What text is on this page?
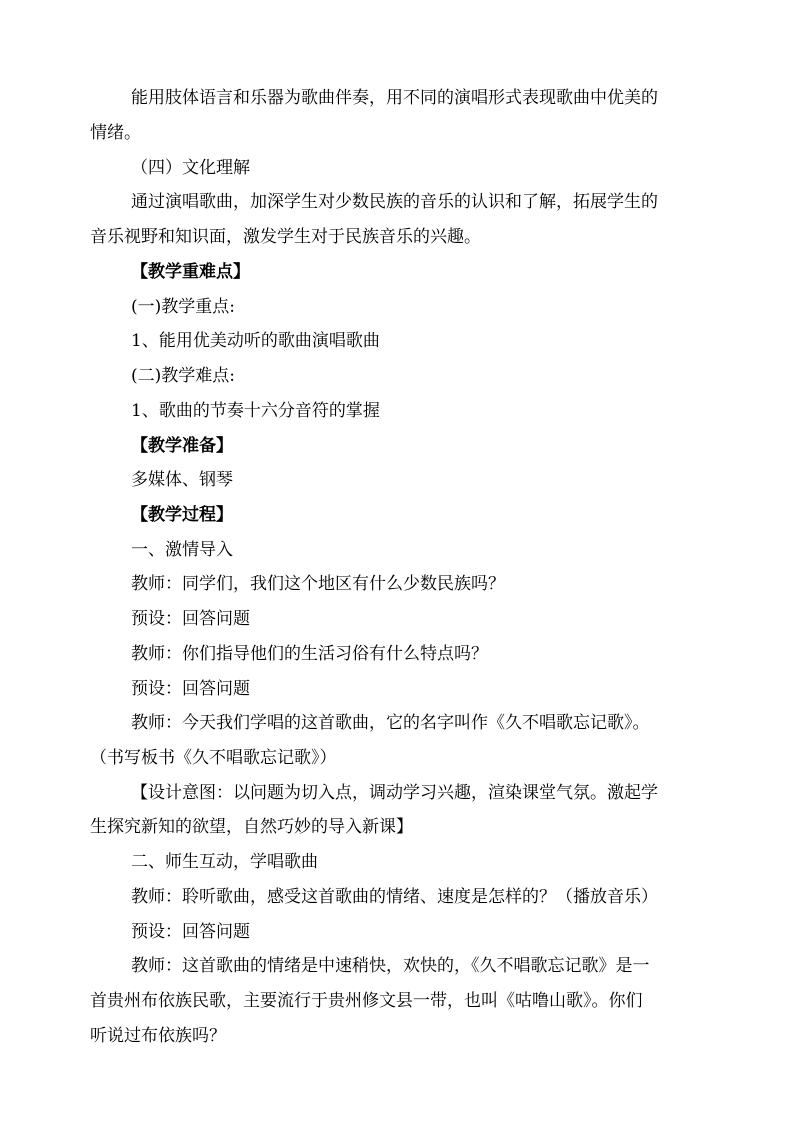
能用肢体语言和乐器为歌曲伴奏，用不同的演唱形式表现歌曲中优美的

情绪。

（四）文化理解

通过演唱歌曲，加深学生对少数民族的音乐的认识和了解，拓展学生的

音乐视野和知识面，激发学生对于民族音乐的兴趣。

【教学重难点】

(一)教学重点:

1、能用优美动听的歌曲演唱歌曲

(二)教学难点:

1、歌曲的节奏十六分音符的掌握

【教学准备】

多媒体、钢琴

【教学过程】

一、激情导入

教师：同学们，我们这个地区有什么少数民族吗？

预设：回答问题

教师：你们指导他们的生活习俗有什么特点吗？

预设：回答问题

教师：今天我们学唱的这首歌曲，它的名字叫作《久不唱歌忘记歌》。

（书写板书《久不唱歌忘记歌》）

【设计意图：以问题为切入点，调动学习兴趣，渲染课堂气氛。激起学

生探究新知的欲望，自然巧妙的导入新课】

二、师生互动，学唱歌曲

教师：聆听歌曲，感受这首歌曲的情绪、速度是怎样的？（播放音乐）

预设：回答问题

教师：这首歌曲的情绪是中速稍快，欢快的，《久不唱歌忘记歌》是一

首贵州布依族民歌，主要流行于贵州修文县一带，也叫《咕噜山歌》。你们

听说过布依族吗？
